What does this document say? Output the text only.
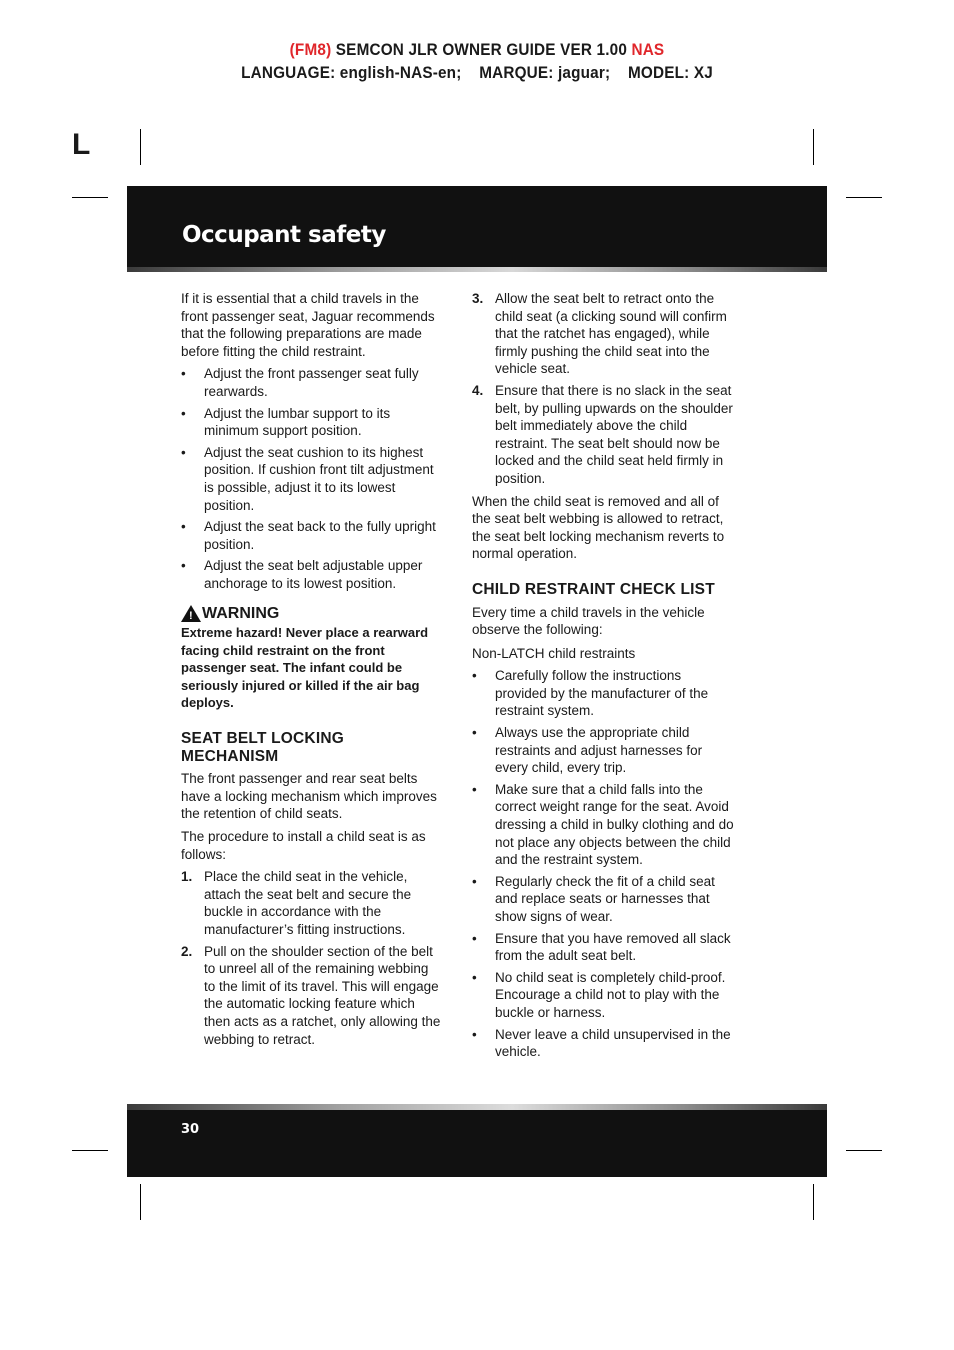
(FM8) SEMCON JLR OWNER GUIDE VER 1.00 NAS
LANGUAGE: english-NAS-en;    MARQUE: jaguar;    MODEL: XJ
L
Occupant safety

If it is essential that a child travels in the front passenger seat, Jaguar recommends that the following preparations are made before fitting the child restraint.

• Adjust the front passenger seat fully rearwards.
• Adjust the lumbar support to its minimum support position.
• Adjust the seat cushion to its highest position. If cushion front tilt adjustment is possible, adjust it to its lowest position.
• Adjust the seat back to the fully upright position.
• Adjust the seat belt adjustable upper anchorage to its lowest position.
! WARNING
Extreme hazard! Never place a rearward facing child restraint on the front passenger seat. The infant could be seriously injured or killed if the air bag deploys.
SEAT BELT LOCKING MECHANISM

The front passenger and rear seat belts have a locking mechanism which improves the retention of child seats.

The procedure to install a child seat is as follows:

1. Place the child seat in the vehicle, attach the seat belt and secure the buckle in accordance with the manufacturer’s fitting instructions.
2. Pull on the shoulder section of the belt to unreel all of the remaining webbing to the limit of its travel. This will engage the automatic locking feature which then acts as a ratchet, only allowing the webbing to retract.
3. Allow the seat belt to retract onto the child seat (a clicking sound will confirm that the ratchet has engaged), while firmly pushing the child seat into the vehicle seat.
4. Ensure that there is no slack in the seat belt, by pulling upwards on the shoulder belt immediately above the child restraint. The seat belt should now be locked and the child seat held firmly in position.

When the child seat is removed and all of the seat belt webbing is allowed to retract, the seat belt locking mechanism reverts to normal operation.

CHILD RESTRAINT CHECK LIST

Every time a child travels in the vehicle observe the following:

Non-LATCH child restraints

• Carefully follow the instructions provided by the manufacturer of the restraint system.
• Always use the appropriate child restraints and adjust harnesses for every child, every trip.
• Make sure that a child falls into the correct weight range for the seat. Avoid dressing a child in bulky clothing and do not place any objects between the child and the restraint system.
• Regularly check the fit of a child seat and replace seats or harnesses that show signs of wear.
• Ensure that you have removed all slack from the adult seat belt.
• No child seat is completely child-proof. Encourage a child not to play with the buckle or harness.
• Never leave a child unsupervised in the vehicle.
30
